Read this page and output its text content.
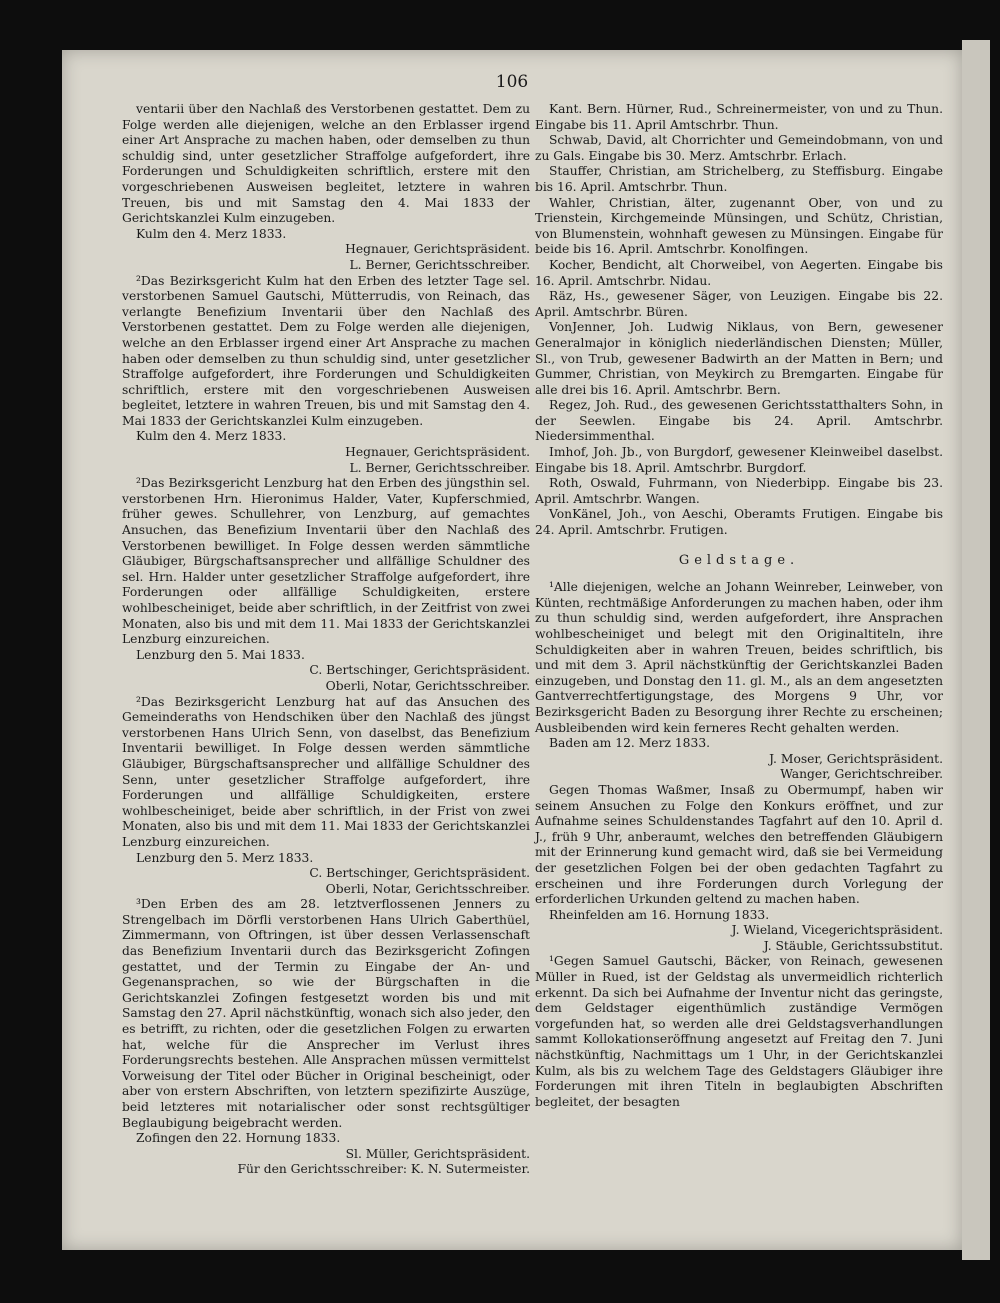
106

ventarii über den Nachlaß des Verstorbenen gestattet. Dem zu Folge werden alle diejenigen, welche an den Erblasser irgend einer Art Ansprache zu machen haben, oder demselben zu thun schuldig sind, unter gesetzlicher Straffolge aufgefordert, ihre Forderungen und Schuldigkeiten schriftlich, erstere mit den vorgeschriebenen Ausweisen begleitet, letztere in wahren Treuen, bis und mit Samstag den 4. Mai 1833 der Gerichtskanzlei Kulm einzugeben.

Kulm den 4. Merz 1833.

Hegnauer, Gerichtspräsident.

L. Berner, Gerichtsschreiber.

²Das Bezirksgericht Kulm hat den Erben des letzter Tage sel. verstorbenen Samuel Gautschi, Mütterrudis, von Reinach, das verlangte Benefizium Inventarii über den Nachlaß des Verstorbenen gestattet. Dem zu Folge werden alle diejenigen, welche an den Erblasser irgend einer Art Ansprache zu machen haben oder demselben zu thun schuldig sind, unter gesetzlicher Straffolge aufgefordert, ihre Forderungen und Schuldigkeiten schriftlich, erstere mit den vorgeschriebenen Ausweisen begleitet, letztere in wahren Treuen, bis und mit Samstag den 4. Mai 1833 der Gerichtskanzlei Kulm einzugeben.

Kulm den 4. Merz 1833.

Hegnauer, Gerichtspräsident.

L. Berner, Gerichtsschreiber.

²Das Bezirksgericht Lenzburg hat den Erben des jüngsthin sel. verstorbenen Hrn. Hieronimus Halder, Vater, Kupferschmied, früher gewes. Schullehrer, von Lenzburg, auf gemachtes Ansuchen, das Benefizium Inventarii über den Nachlaß des Verstorbenen bewilliget. In Folge dessen werden sämmtliche Gläubiger, Bürgschaftsansprecher und allfällige Schuldner des sel. Hrn. Halder unter gesetzlicher Straffolge aufgefordert, ihre Forderungen oder allfällige Schuldigkeiten, erstere wohlbescheiniget, beide aber schriftlich, in der Zeitfrist von zwei Monaten, also bis und mit dem 11. Mai 1833 der Gerichtskanzlei Lenzburg einzureichen.

Lenzburg den 5. Mai 1833.

C. Bertschinger, Gerichtspräsident.

Oberli, Notar, Gerichtsschreiber.

²Das Bezirksgericht Lenzburg hat auf das Ansuchen des Gemeinderaths von Hendschiken über den Nachlaß des jüngst verstorbenen Hans Ulrich Senn, von daselbst, das Benefizium Inventarii bewilliget. In Folge dessen werden sämmtliche Gläubiger, Bürgschaftsansprecher und allfällige Schuldner des Senn, unter gesetzlicher Straffolge aufgefordert, ihre Forderungen und allfällige Schuldigkeiten, erstere wohlbescheiniget, beide aber schriftlich, in der Frist von zwei Monaten, also bis und mit dem 11. Mai 1833 der Gerichtskanzlei Lenzburg einzureichen.

Lenzburg den 5. Merz 1833.

C. Bertschinger, Gerichtspräsident.

Oberli, Notar, Gerichtsschreiber.

³Den Erben des am 28. letztverflossenen Jenners zu Strengelbach im Dörfli verstorbenen Hans Ulrich Gaberthüel, Zimmermann, von Oftringen, ist über dessen Verlassenschaft das Benefizium Inventarii durch das Bezirksgericht Zofingen gestattet, und der Termin zu Eingabe der An- und Gegenansprachen, so wie der Bürgschaften in die Gerichtskanzlei Zofingen festgesetzt worden bis und mit Samstag den 27. April nächstkünftig, wonach sich also jeder, den es betrifft, zu richten, oder die gesetzlichen Folgen zu erwarten hat, welche für die Ansprecher im Verlust ihres Forderungsrechts bestehen. Alle Ansprachen müssen vermittelst Vorweisung der Titel oder Bücher in Original bescheinigt, oder aber von erstern Abschriften, von letztern spezifizirte Auszüge, beid letzteres mit notarialischer oder sonst rechtsgültiger Beglaubigung beigebracht werden.

Zofingen den 22. Hornung 1833.

Sl. Müller, Gerichtspräsident.

Für den Gerichtsschreiber: K. N. Sutermeister.

Kant. Bern. Hürner, Rud., Schreinermeister, von und zu Thun. Eingabe bis 11. April Amtschrbr. Thun.

Schwab, David, alt Chorrichter und Gemeindobmann, von und zu Gals. Eingabe bis 30. Merz. Amtschrbr. Erlach.

Stauffer, Christian, am Strichelberg, zu Steffisburg. Eingabe bis 16. April. Amtschrbr. Thun.

Wahler, Christian, älter, zugenannt Ober, von und zu Trienstein, Kirchgemeinde Münsingen, und Schütz, Christian, von Blumenstein, wohnhaft gewesen zu Münsingen. Eingabe für beide bis 16. April. Amtschrbr. Konolfingen.

Kocher, Bendicht, alt Chorweibel, von Aegerten. Eingabe bis 16. April. Amtschrbr. Nidau.

Räz, Hs., gewesener Säger, von Leuzigen. Eingabe bis 22. April. Amtschrbr. Büren.

VonJenner, Joh. Ludwig Niklaus, von Bern, gewesener Generalmajor in königlich niederländischen Diensten; Müller, Sl., von Trub, gewesener Badwirth an der Matten in Bern; und Gummer, Christian, von Meykirch zu Bremgarten. Eingabe für alle drei bis 16. April. Amtschrbr. Bern.

Regez, Joh. Rud., des gewesenen Gerichtsstatthalters Sohn, in der Seewlen. Eingabe bis 24. April. Amtschrbr. Niedersimmenthal.

Imhof, Joh. Jb., von Burgdorf, gewesener Kleinweibel daselbst. Eingabe bis 18. April. Amtschrbr. Burgdorf.

Roth, Oswald, Fuhrmann, von Niederbipp. Eingabe bis 23. April. Amtschrbr. Wangen.

VonKänel, Joh., von Aeschi, Oberamts Frutigen. Eingabe bis 24. April. Amtschrbr. Frutigen.

Geldstage.

¹Alle diejenigen, welche an Johann Weinreber, Leinweber, von Künten, rechtmäßige Anforderungen zu machen haben, oder ihm zu thun schuldig sind, werden aufgefordert, ihre Ansprachen wohlbescheiniget und belegt mit den Originaltiteln, ihre Schuldigkeiten aber in wahren Treuen, beides schriftlich, bis und mit dem 3. April nächstkünftig der Gerichtskanzlei Baden einzugeben, und Donstag den 11. gl. M., als an dem angesetzten Gantverrechtfertigungstage, des Morgens 9 Uhr, vor Bezirksgericht Baden zu Besorgung ihrer Rechte zu erscheinen; Ausbleibenden wird kein ferneres Recht gehalten werden.

Baden am 12. Merz 1833.

J. Moser, Gerichtspräsident.

Wanger, Gerichtschreiber.

Gegen Thomas Waßmer, Insaß zu Obermumpf, haben wir seinem Ansuchen zu Folge den Konkurs eröffnet, und zur Aufnahme seines Schuldenstandes Tagfahrt auf den 10. April d. J., früh 9 Uhr, anberaumt, welches den betreffenden Gläubigern mit der Erinnerung kund gemacht wird, daß sie bei Vermeidung der gesetzlichen Folgen bei der oben gedachten Tagfahrt zu erscheinen und ihre Forderungen durch Vorlegung der erforderlichen Urkunden geltend zu machen haben.

Rheinfelden am 16. Hornung 1833.

J. Wieland, Vicegerichtspräsident.

J. Stäuble, Gerichtssubstitut.

¹Gegen Samuel Gautschi, Bäcker, von Reinach, gewesenen Müller in Rued, ist der Geldstag als unvermeidlich richterlich erkennt. Da sich bei Aufnahme der Inventur nicht das geringste, dem Geldstager eigenthümlich zuständige Vermögen vorgefunden hat, so werden alle drei Geldstagsverhandlungen sammt Kollokationseröffnung angesetzt auf Freitag den 7. Juni nächstkünftig, Nachmittags um 1 Uhr, in der Gerichtskanzlei Kulm, als bis zu welchem Tage des Geldstagers Gläubiger ihre Forderungen mit ihren Titeln in beglaubigten Abschriften begleitet, der besagten
